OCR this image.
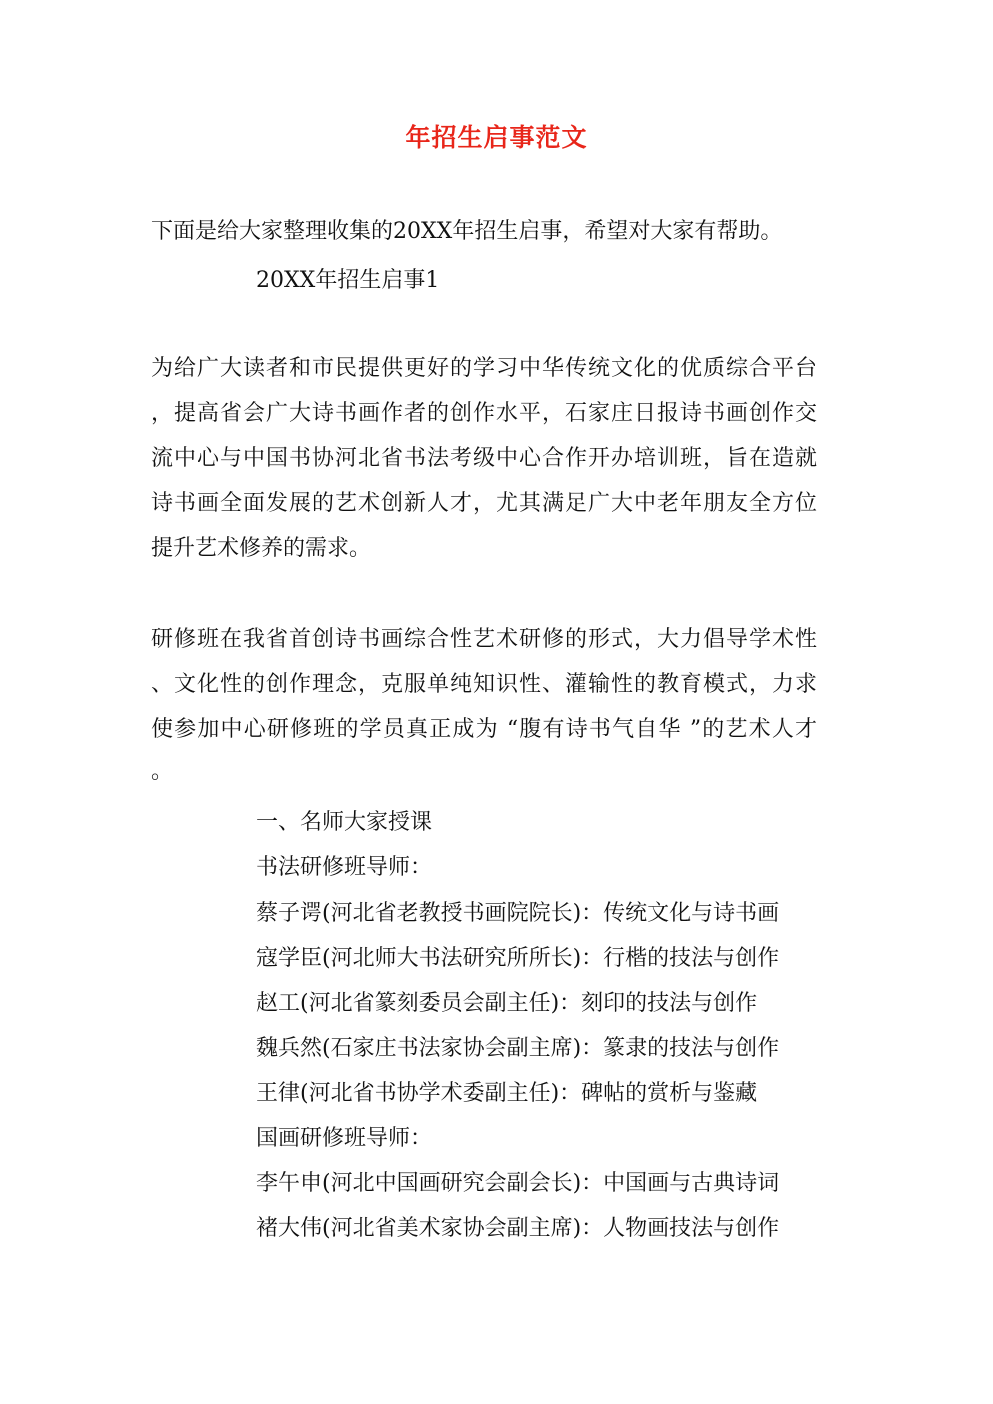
年招生启事范文
下面是给大家整理收集的20XX年招生启事，希望对大家有帮助。
20XX年招生启事1
为给广大读者和市民提供更好的学习中华传统文化的优质综合平台
，提高省会广大诗书画作者的创作水平，石家庄日报诗书画创作交
流中心与中国书协河北省书法考级中心合作开办培训班，旨在造就
诗书画全面发展的艺术创新人才，尤其满足广大中老年朋友全方位
提升艺术修养的需求。
研修班在我省首创诗书画综合性艺术研修的形式，大力倡导学术性
、文化性的创作理念，克服单纯知识性、灌输性的教育模式，力求
使参加中心研修班的学员真正成为 “腹有诗书气自华 ”的艺术人才
。
一、名师大家授课
书法研修班导师：
蔡子谔(河北省老教授书画院院长)：传统文化与诗书画
寇学臣(河北师大书法研究所所长)：行楷的技法与创作
赵工(河北省篆刻委员会副主任)：刻印的技法与创作
魏兵然(石家庄书法家协会副主席)：篆隶的技法与创作
王律(河北省书协学术委副主任)：碑帖的赏析与鉴藏
国画研修班导师：
李午申(河北中国画研究会副会长)：中国画与古典诗词
褚大伟(河北省美术家协会副主席)：人物画技法与创作
